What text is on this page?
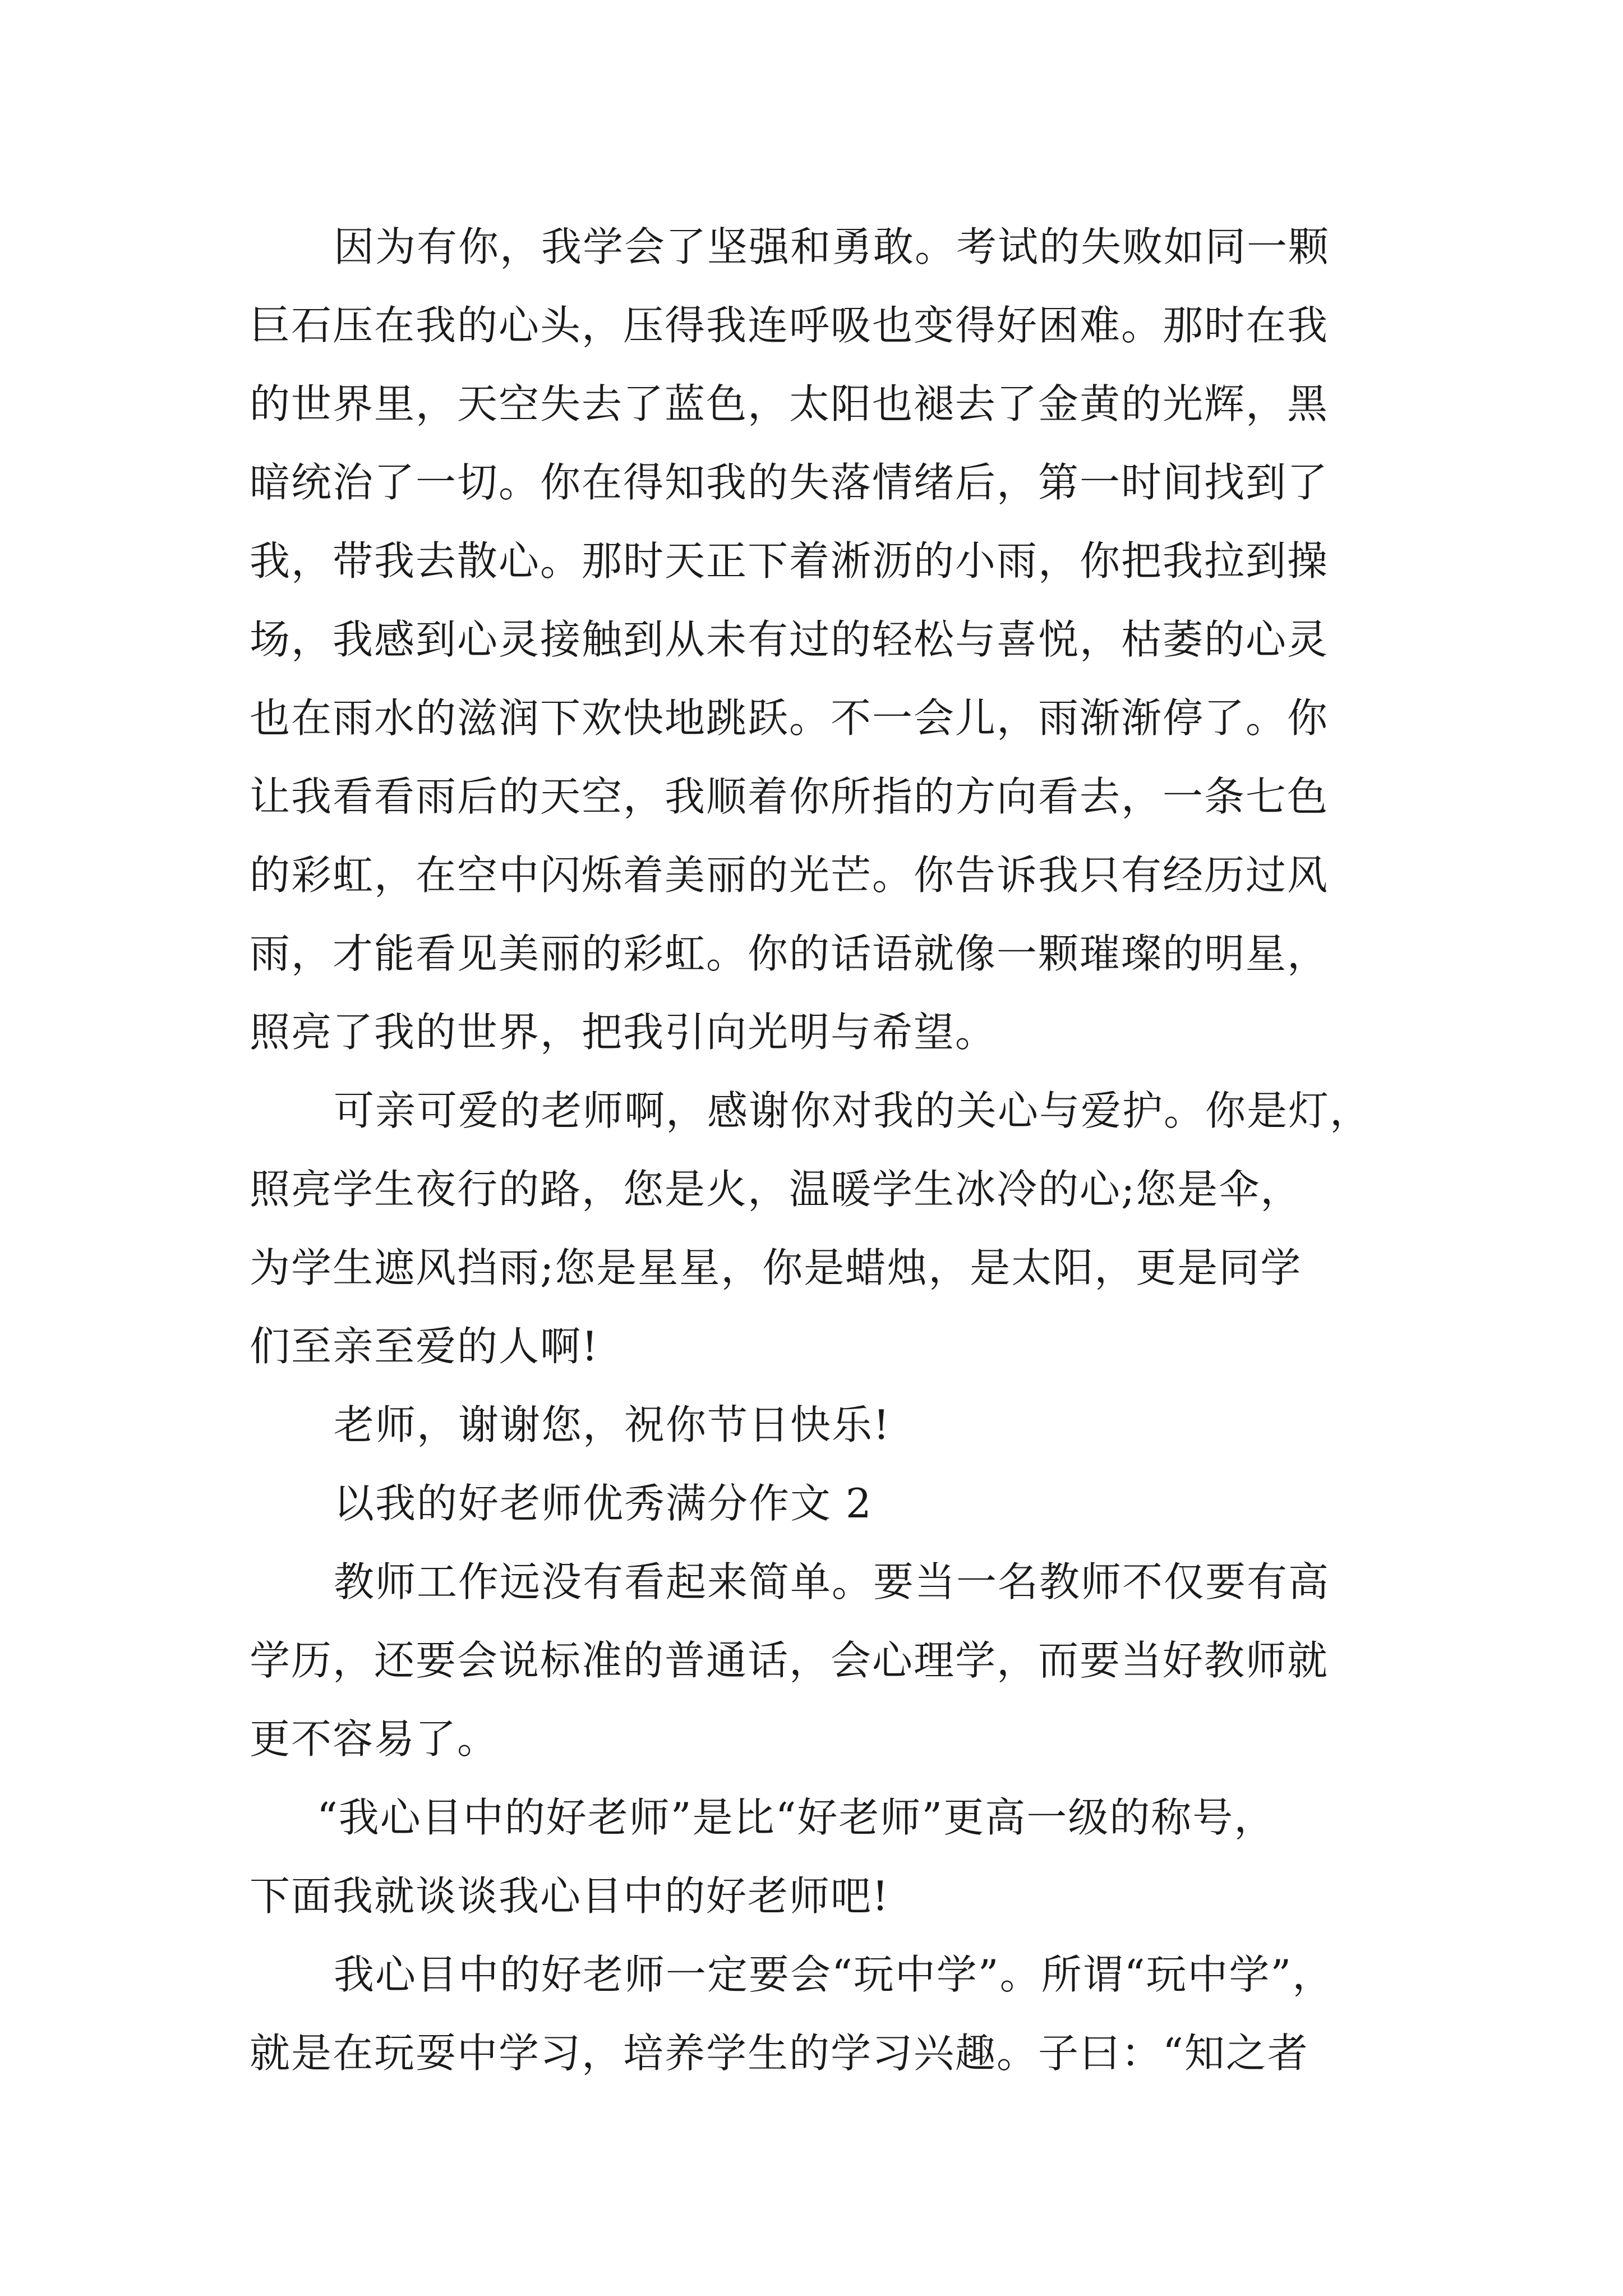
因为有你，我学会了坚强和勇敢。考试的失败如同一颗
巨石压在我的心头，压得我连呼吸也变得好困难。那时在我
的世界里，天空失去了蓝色，太阳也褪去了金黄的光辉，黑
暗统治了一切。你在得知我的失落情绪后，第一时间找到了
我，带我去散心。那时天正下着淅沥的小雨，你把我拉到操
场，我感到心灵接触到从未有过的轻松与喜悦，枯萎的心灵
也在雨水的滋润下欢快地跳跃。不一会儿，雨渐渐停了。你
让我看看雨后的天空，我顺着你所指的方向看去，一条七色
的彩虹，在空中闪烁着美丽的光芒。你告诉我只有经历过风
雨，才能看见美丽的彩虹。你的话语就像一颗璀璨的明星，
照亮了我的世界，把我引向光明与希望。
可亲可爱的老师啊，感谢你对我的关心与爱护。你是灯，
照亮学生夜行的路，您是火，温暖学生冰冷的心;您是伞，
为学生遮风挡雨;您是星星，你是蜡烛，是太阳，更是同学
们至亲至爱的人啊!
老师，谢谢您，祝你节日快乐!
以我的好老师优秀满分作文 2
教师工作远没有看起来简单。要当一名教师不仅要有高
学历，还要会说标准的普通话，会心理学，而要当好教师就
更不容易了。
“我心目中的好老师”是比“好老师”更高一级的称号，
下面我就谈谈我心目中的好老师吧!
我心目中的好老师一定要会“玩中学”。所谓“玩中学”，
就是在玩耍中学习，培养学生的学习兴趣。子曰：“知之者
